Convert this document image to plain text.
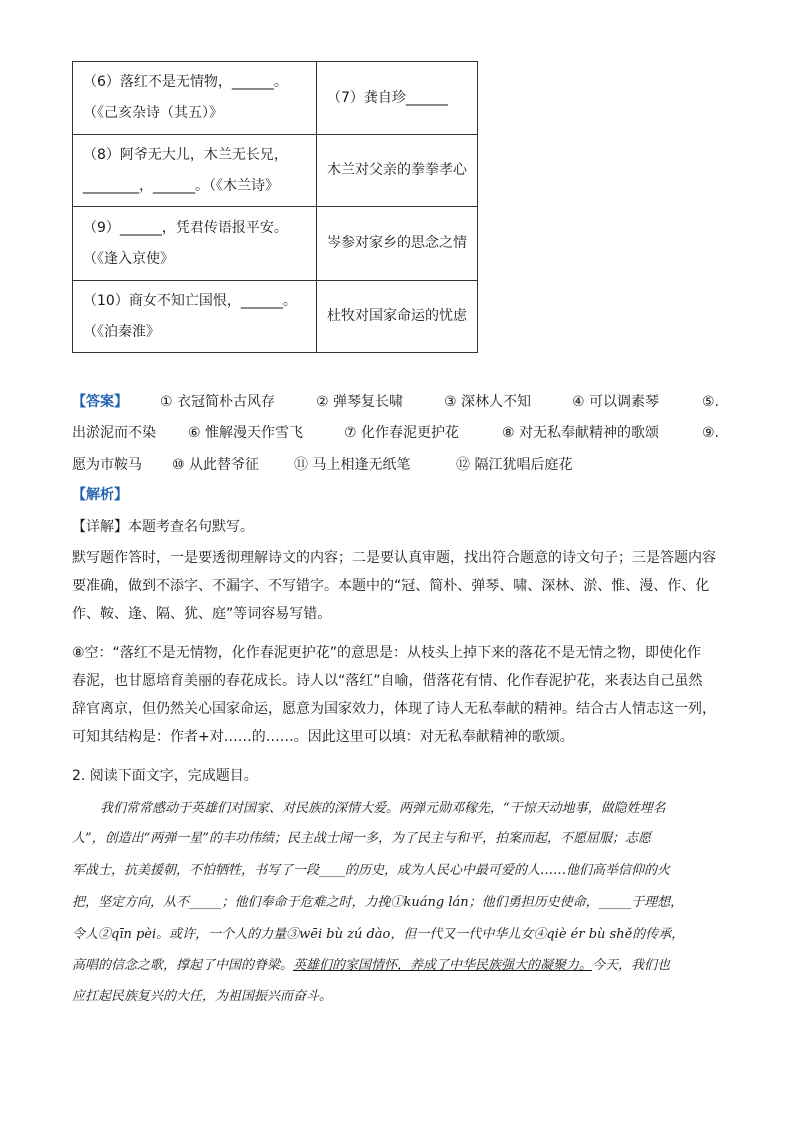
（6）落红不是无情物，______。
（《己亥杂诗（其五）》	（7）龚自珍______

（8）阿爷无大儿，木兰无长兄，
________，______。（《木兰诗》	木兰对父亲的拳拳孝心

（9）______，凭君传语报平安。
（《逢入京使》	岑参对家乡的思念之情

（10）商女不知亡国恨，______。
（《泊秦淮》	杜牧对国家命运的忧虑
【答案】 ① 衣冠简朴古风存	② 弹琴复长啸	③ 深林人不知	④ 可以调素琴	⑤.
出淤泥而不染 ⑥ 惟解漫天作雪飞	⑦ 化作春泥更护花	⑧ 对无私奉献精神的歌颂	⑨.
愿为市鞍马 ⑩ 从此替爷征 ⑪ 马上相逢无纸笔	⑫ 隔江犹唱后庭花
【解析】
【详解】本题考查名句默写。
默写题作答时，一是要透彻理解诗文的内容；二是要认真审题，找出符合题意的诗文句子；三是答题内容
要准确，做到不添字、不漏字、不写错字。本题中的“冠、简朴、弹琴、啸、深林、淤、惟、漫、作、化
作、鞍、逢、隔、犹、庭”等词容易写错。
⑧空：“落红不是无情物，化作春泥更护花”的意思是：从枝头上掉下来的落花不是无情之物，即使化作
春泥，也甘愿培育美丽的春花成长。诗人以“落红”自喻，借落花有情、化作春泥护花，来表达自己虽然
辞官离京，但仍然关心国家命运，愿意为国家效力，体现了诗人无私奉献的精神。结合古人情志这一列，
可知其结构是：作者+对……的……。因此这里可以填：对无私奉献精神的歌颂。
2. 阅读下面文字，完成题目。
我们常常感动于英雄们对国家、对民族的深情大爱。两弹元勋邓稼先，“干惊天动地事，做隐姓埋名
人”，创造出“两弹一星”的丰功伟绩；民主战士闻一多，为了民主与和平，拍案而起，不愿屈服；志愿
军战士，抗美援朝，不怕牺牲，书写了一段____的历史，成为人民心中最可爱的人……他们高举信仰的火
把，坚定方向，从不_____；他们奉命于危难之时，力挽①kuáng lán；他们勇担历史使命，_____于理想，
令人②qīn pèi。或许，一个人的力量③wēi bù zú dào，但一代又一代中华儿女④qiè ér bù shě的传承，
高唱的信念之歌，撑起了中国的脊梁。英雄们的家国情怀，养成了中华民族强大的凝聚力。今天，我们也
应扛起民族复兴的大任，为祖国振兴而奋斗。
